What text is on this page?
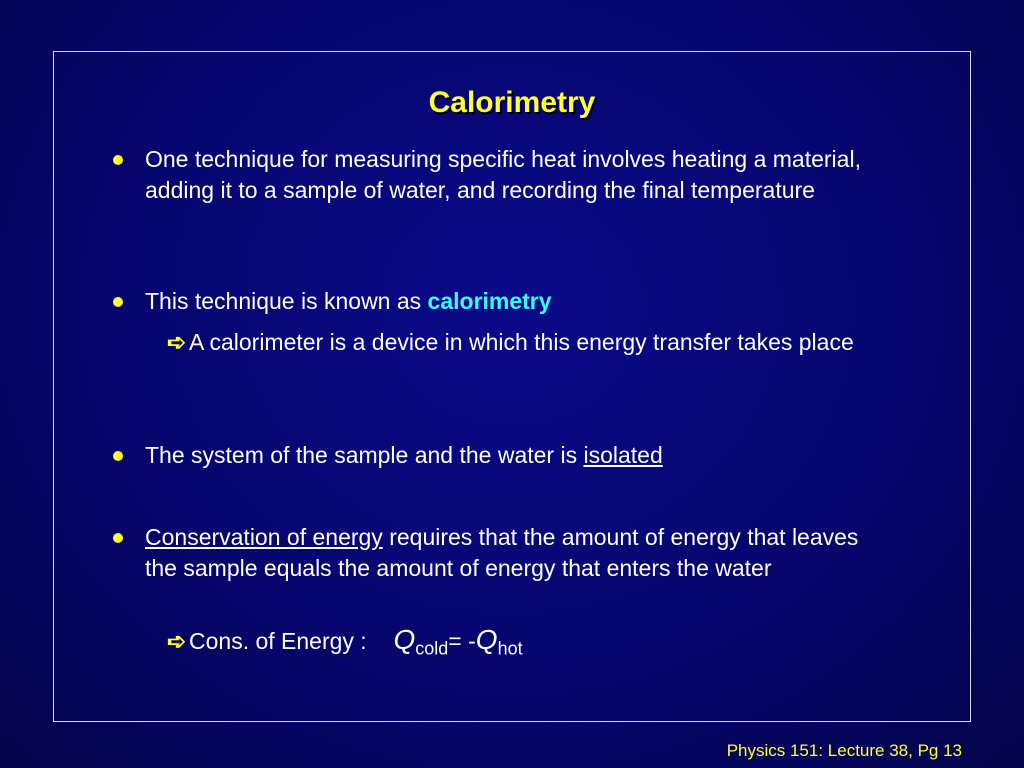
Calorimetry
One technique for measuring specific heat involves heating a material, adding it to a sample of water, and recording the final temperature
This technique is known as calorimetry
➪ A calorimeter is a device in which this energy transfer takes place
The system of the sample and the water is isolated
Conservation of energy requires that the amount of energy that leaves the sample equals the amount of energy that enters the water
➪ Cons. of Energy :  $Q_{cold}= -Q_{hot}$
Physics 151: Lecture 38, Pg 13
